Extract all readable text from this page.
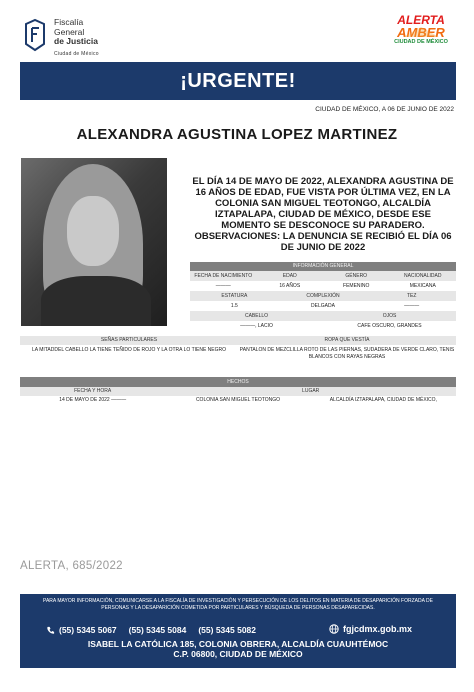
Fiscalía
General
de Justicia
Ciudad de México
ALERTA
AMBER
CIUDAD DE MÉXICO
¡URGENTE!
CIUDAD DE MÉXICO, A 06 DE JUNIO DE 2022
ALEXANDRA AGUSTINA LOPEZ MARTINEZ
EL DÍA 14 DE MAYO DE 2022, ALEXANDRA AGUSTINA DE 16 AÑOS DE EDAD, FUE VISTA POR ÚLTIMA VEZ, EN LA COLONIA SAN MIGUEL TEOTONGO, ALCALDÍA IZTAPALAPA, CIUDAD DE MÉXICO, DESDE ESE MOMENTO SE DESCONOCE SU PARADERO. OBSERVACIONES: LA DENUNCIA SE RECIBIÓ EL DÍA 06 DE JUNIO DE 2022
INFORMACIÓN GENERAL
FECHA DE NACIMIENTO	EDAD	GÉNERO	NACIONALIDAD
———	16 AÑOS	FEMENINO	MEXICANA
ESTATURA	COMPLEXIÓN	TEZ
1.5	DELGADA	———
CABELLO	OJOS
———, LACIO	CAFE OSCURO, GRANDES
SEÑAS PARTICULARES	ROPA QUE VESTÍA
LA MITADDEL CABELLO LA TIENE TEÑIDO DE ROJO Y LA OTRA LO TIENE NEGRO	PANTALON DE MEZCLILLA ROTO DE LAS PIERNAS, SUDADERA DE VERDE CLARO, TENIS BLANCOS CON RAYAS NEGRAS
HECHOS
FECHA Y HORA	LUGAR
14 DE MAYO DE 2022 ———	COLONIA SAN MIGUEL TEOTONGO	ALCALDÍA IZTAPALAPA, CIUDAD DE MÉXICO,
ALERTA, 685/2022
PARA MAYOR INFORMACIÓN, COMUNICARSE A LA FISCALÍA DE INVESTIGACIÓN Y PERSECUCIÓN DE LOS DELITOS EN MATERIA DE DESAPARICIÓN FORZADA DE PERSONAS Y LA DESAPARICIÓN COMETIDA POR PARTICULARES Y BÚSQUEDA DE PERSONAS DESAPARECIDAS.
(55) 5345 5067 (55) 5345 5084 (55) 5345 5082	fgjcdmx.gob.mx
ISABEL LA CATÓLICA 185, COLONIA OBRERA, ALCALDÍA CUAUHTÉMOC
C.P. 06800, CIUDAD DE MÉXICO
